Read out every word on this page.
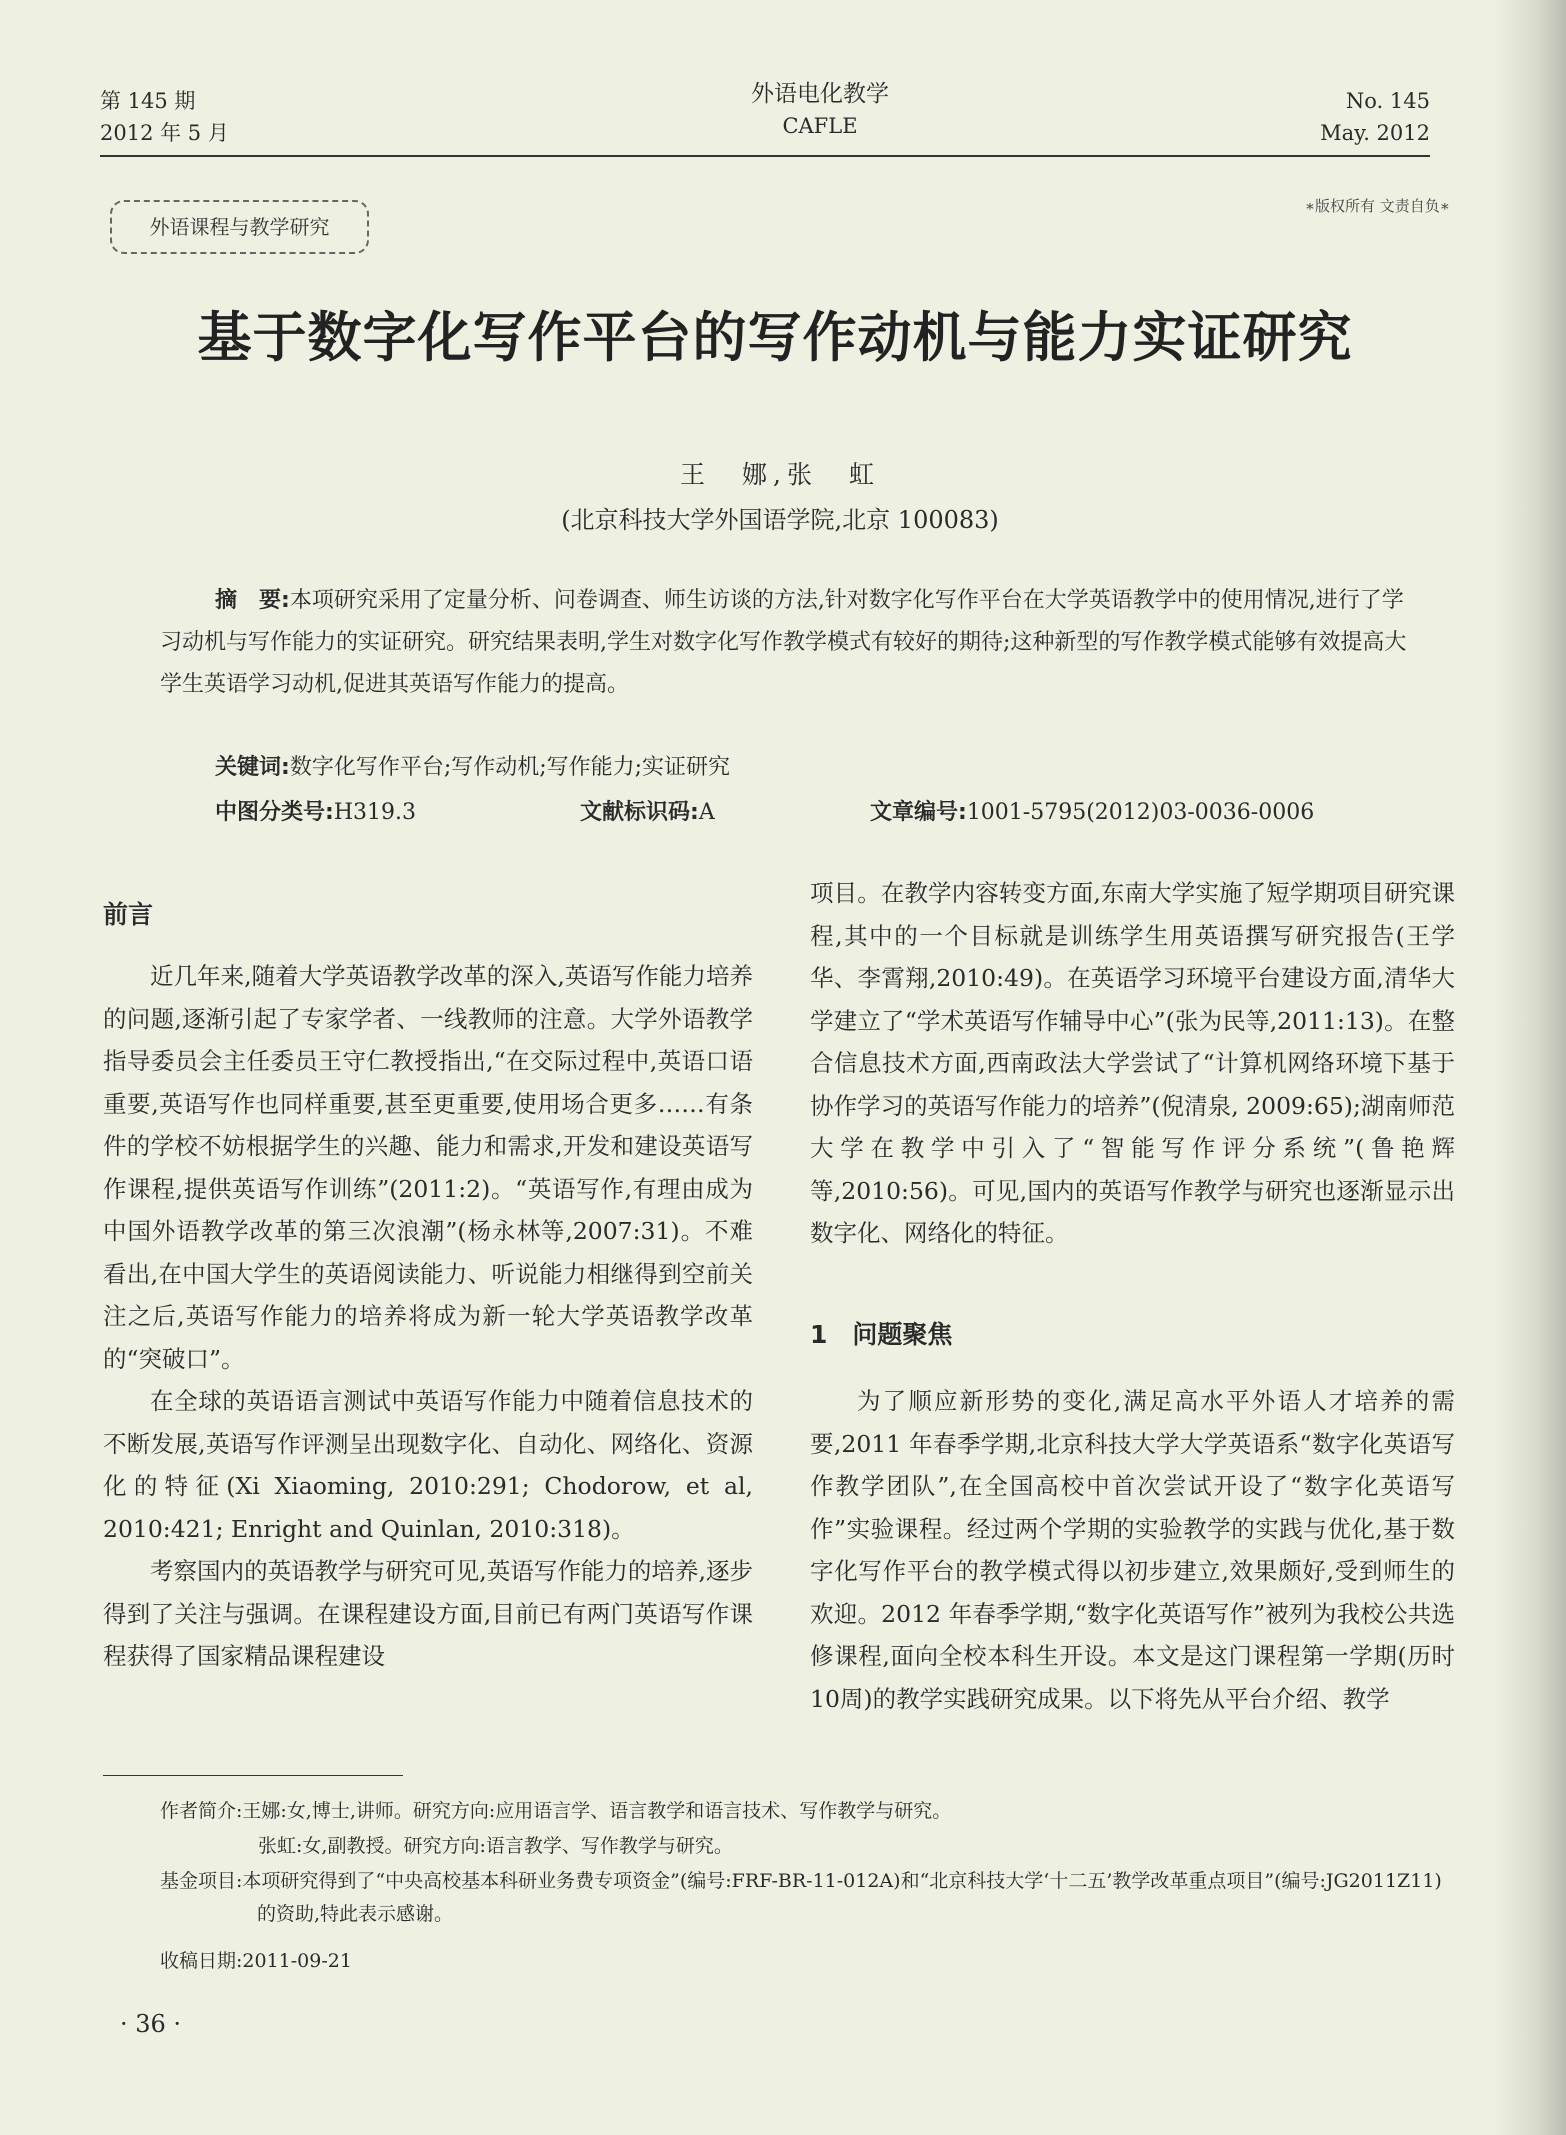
第 145 期
2012 年 5 月
外语电化教学
CAFLE
No. 145
May. 2012
∗版权所有 文责自负∗
外语课程与教学研究
基于数字化写作平台的写作动机与能力实证研究
王　娜,张　虹
(北京科技大学外国语学院,北京 100083)
摘　要:本项研究采用了定量分析、问卷调查、师生访谈的方法,针对数字化写作平台在大学英语教学中的使用情况,进行了学习动机与写作能力的实证研究。研究结果表明,学生对数字化写作教学模式有较好的期待;这种新型的写作教学模式能够有效提高大学生英语学习动机,促进其英语写作能力的提高。
关键词:数字化写作平台;写作动机;写作能力;实证研究
中图分类号:H319.3	文献标识码:A	文章编号:1001-5795(2012)03-0036-0006
前言

近几年来,随着大学英语教学改革的深入,英语写作能力培养的问题,逐渐引起了专家学者、一线教师的注意。大学外语教学指导委员会主任委员王守仁教授指出,“在交际过程中,英语口语重要,英语写作也同样重要,甚至更重要,使用场合更多……有条件的学校不妨根据学生的兴趣、能力和需求,开发和建设英语写作课程,提供英语写作训练”(2011:2)。“英语写作,有理由成为中国外语教学改革的第三次浪潮”(杨永林等,2007:31)。不难看出,在中国大学生的英语阅读能力、听说能力相继得到空前关注之后,英语写作能力的培养将成为新一轮大学英语教学改革的“突破口”。

在全球的英语语言测试中英语写作能力中随着信息技术的不断发展,英语写作评测呈出现数字化、自动化、网络化、资源化的特征(Xi Xiaoming, 2010:291; Chodorow, et al, 2010:421; Enright and Quinlan, 2010:318)。

考察国内的英语教学与研究可见,英语写作能力的培养,逐步得到了关注与强调。在课程建设方面,目前已有两门英语写作课程获得了国家精品课程建设

项目。在教学内容转变方面,东南大学实施了短学期项目研究课程,其中的一个目标就是训练学生用英语撰写研究报告(王学华、李霄翔,2010:49)。在英语学习环境平台建设方面,清华大学建立了“学术英语写作辅导中心”(张为民等,2011:13)。在整合信息技术方面,西南政法大学尝试了“计算机网络环境下基于协作学习的英语写作能力的培养”(倪清泉, 2009:65);湖南师范大学在教学中引入了“智能写作评分系统”(鲁艳辉等,2010:56)。可见,国内的英语写作教学与研究也逐渐显示出数字化、网络化的特征。

1　问题聚焦

为了顺应新形势的变化,满足高水平外语人才培养的需要,2011 年春季学期,北京科技大学大学英语系“数字化英语写作教学团队”,在全国高校中首次尝试开设了“数字化英语写作”实验课程。经过两个学期的实验教学的实践与优化,基于数字化写作平台的教学模式得以初步建立,效果颇好,受到师生的欢迎。2012 年春季学期,“数字化英语写作”被列为我校公共选修课程,面向全校本科生开设。本文是这门课程第一学期(历时10周)的教学实践研究成果。以下将先从平台介绍、教学

作者简介:王娜:女,博士,讲师。研究方向:应用语言学、语言教学和语言技术、写作教学与研究。
张虹:女,副教授。研究方向:语言教学、写作教学与研究。
基金项目:本项研究得到了“中央高校基本科研业务费专项资金”(编号:FRF-BR-11-012A)和“北京科技大学‘十二五’教学改革重点项目”(编号:JG2011Z11)的资助,特此表示感谢。
收稿日期:2011-09-21
· 36 ·
